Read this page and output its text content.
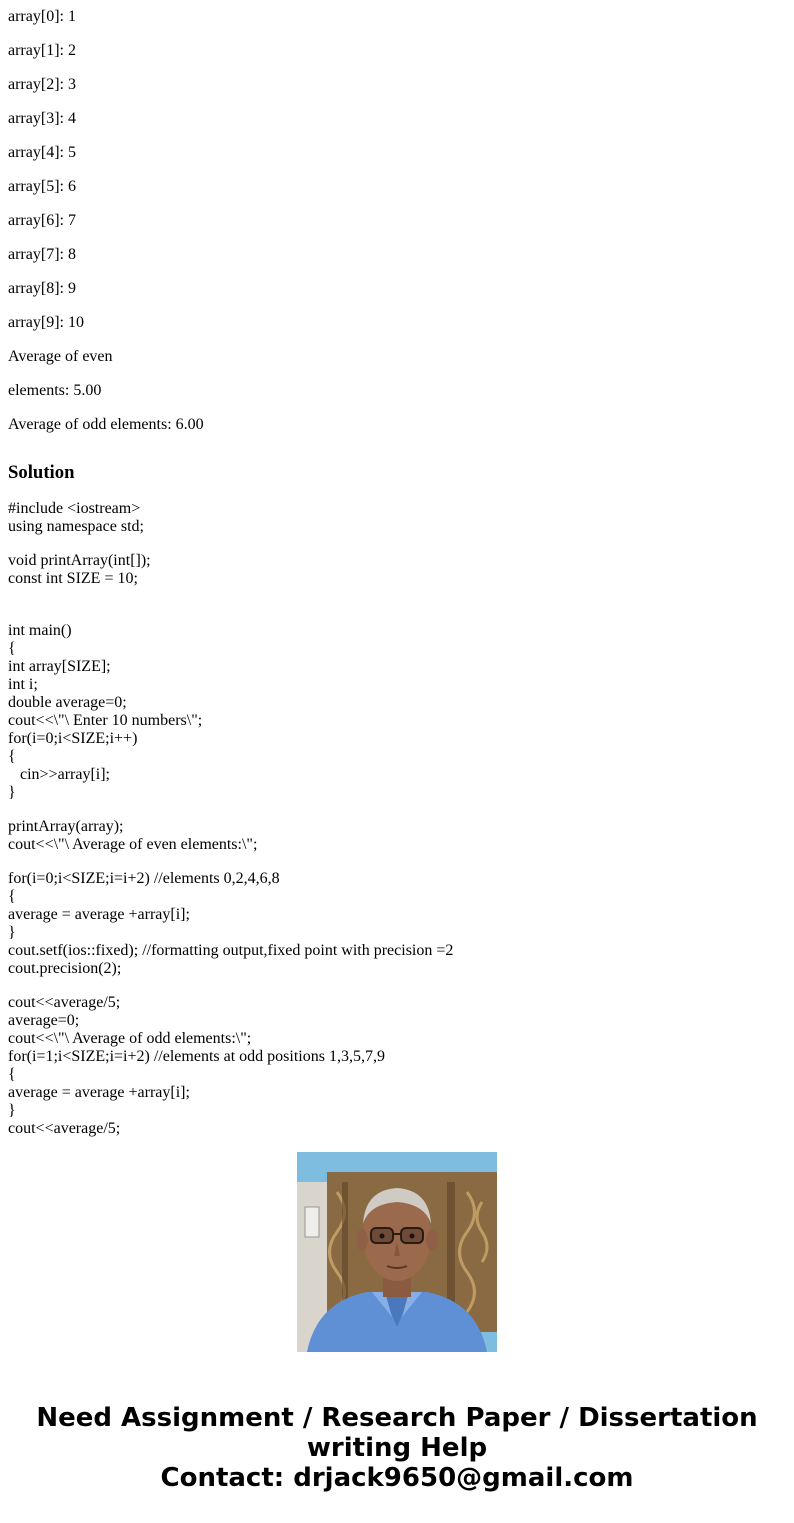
array[0]: 1
array[1]: 2
array[2]: 3
array[3]: 4
array[4]: 5
array[5]: 6
array[6]: 7
array[7]: 8
array[8]: 9
array[9]: 10
Average of even
elements: 5.00
Average of odd elements: 6.00
Solution
#include <iostream>
using namespace std;
void printArray(int[]);
const int SIZE = 10;
int main()
{
int array[SIZE];
int i;
double average=0;
cout<<\"\ Enter 10 numbers\";
for(i=0;i<SIZE;i++)
{
cin>>array[i];
}
printArray(array);
cout<<\"\ Average of even elements:\";
for(i=0;i<SIZE;i=i+2) //elements 0,2,4,6,8
{
average = average +array[i];
}
cout.setf(ios::fixed); //formatting output,fixed point with precision =2
cout.precision(2);
cout<<average/5;
average=0;
cout<<\"\ Average of odd elements:\";
for(i=1;i<SIZE;i=i+2) //elements at odd positions 1,3,5,7,9
{
average = average +array[i];
}
cout<<average/5;
Need Assignment / Research Paper / Dissertation
writing Help
Contact: drjack9650@gmail.com
